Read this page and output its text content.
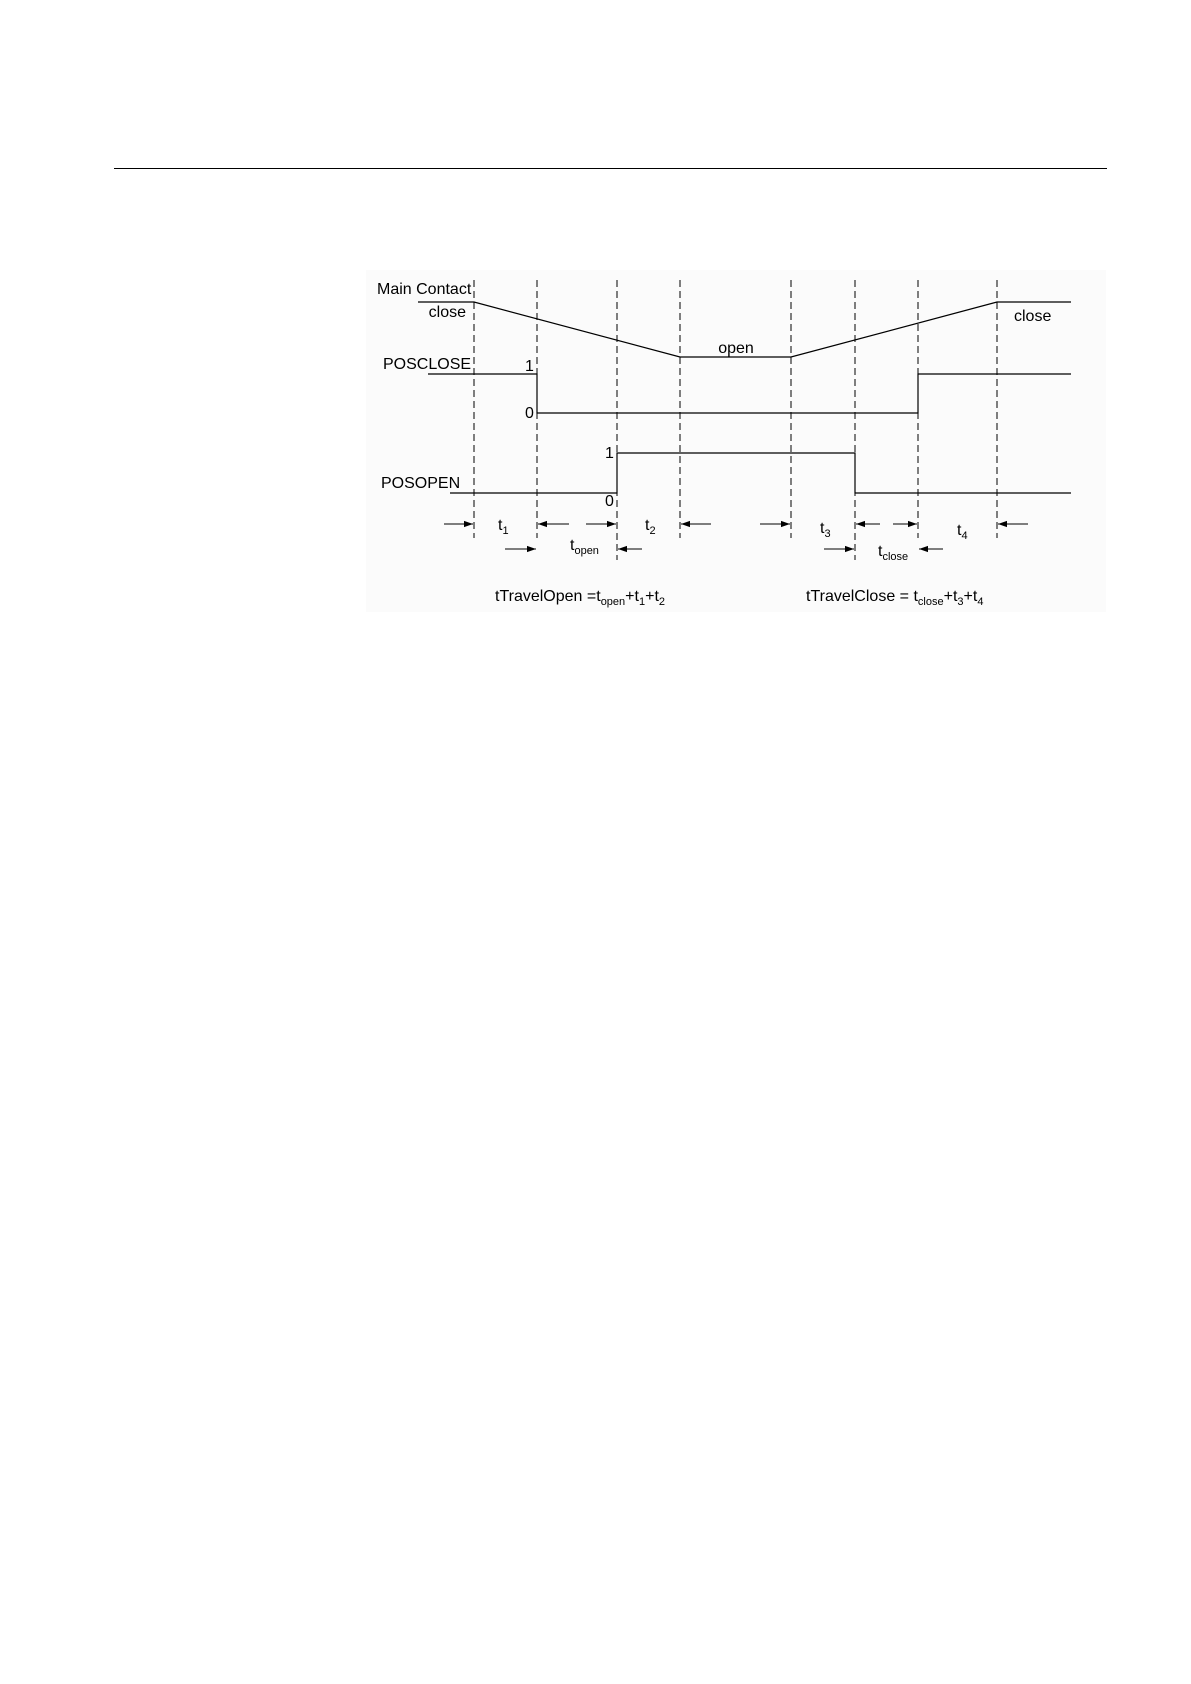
Main Contact
close
open
close
POSCLOSE	1
0
1
POSOPEN
0
$t_1$	$t_2$	$t_3$	$t_4$
$t_{open}$	$t_{close}$
tTravelOpen $=t_{open}+t_1+t_2$	tTravelClose = $t_{close}+t_3+t_4$
